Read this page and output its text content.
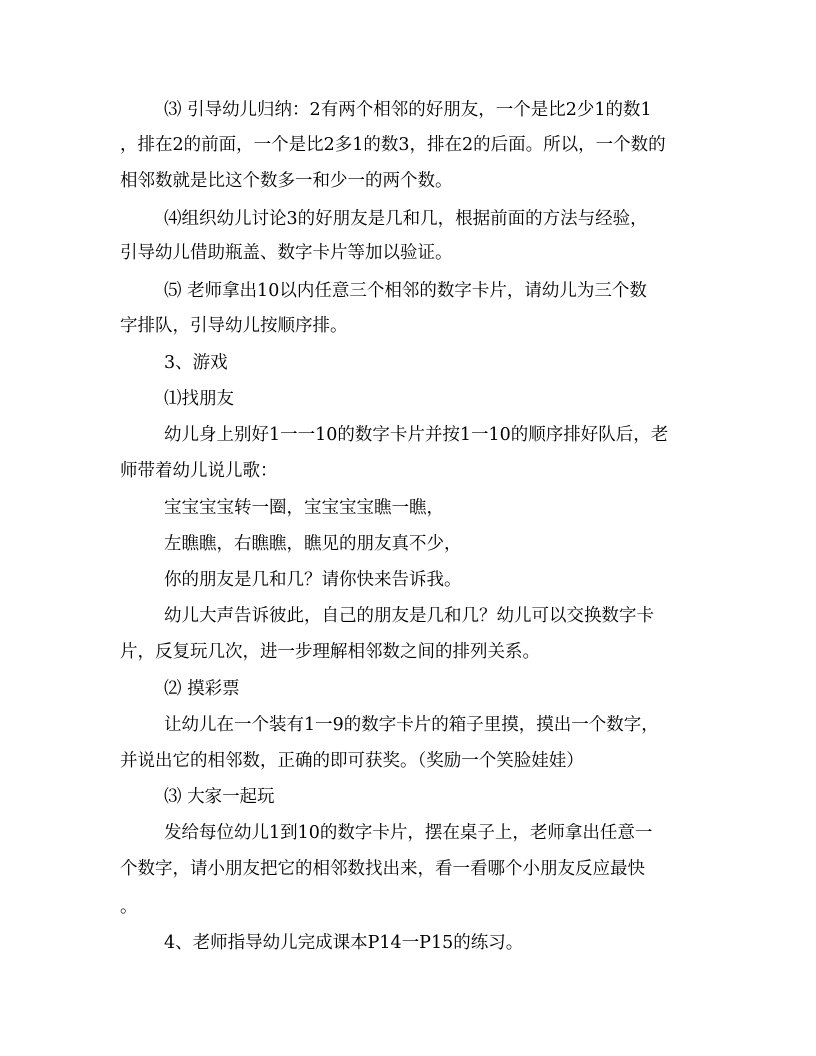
⑶ 引导幼儿归纳：2有两个相邻的好朋友，一个是比2少1的数1
，排在2的前面，一个是比2多1的数3，排在2的后面。所以，一个数的
相邻数就是比这个数多一和少一的两个数。
⑷组织幼儿讨论3的好朋友是几和几，根据前面的方法与经验，
引导幼儿借助瓶盖、数字卡片等加以验证。
⑸ 老师拿出10以内任意三个相邻的数字卡片，请幼儿为三个数
字排队，引导幼儿按顺序排。
3、游戏
⑴找朋友
幼儿身上别好1一一10的数字卡片并按1一10的顺序排好队后，老
师带着幼儿说儿歌：
宝宝宝宝转一圈，宝宝宝宝瞧一瞧，
左瞧瞧，右瞧瞧，瞧见的朋友真不少，
你的朋友是几和几？请你快来告诉我。
幼儿大声告诉彼此，自己的朋友是几和几？幼儿可以交换数字卡
片，反复玩几次，进一步理解相邻数之间的排列关系。
⑵ 摸彩票
让幼儿在一个装有1一9的数字卡片的箱子里摸，摸出一个数字，
并说出它的相邻数，正确的即可获奖。（奖励一个笑脸娃娃）
⑶ 大家一起玩
发给每位幼儿1到10的数字卡片，摆在桌子上，老师拿出任意一
个数字，请小朋友把它的相邻数找出来，看一看哪个小朋友反应最快
。
4、老师指导幼儿完成课本P14一P15的练习。
